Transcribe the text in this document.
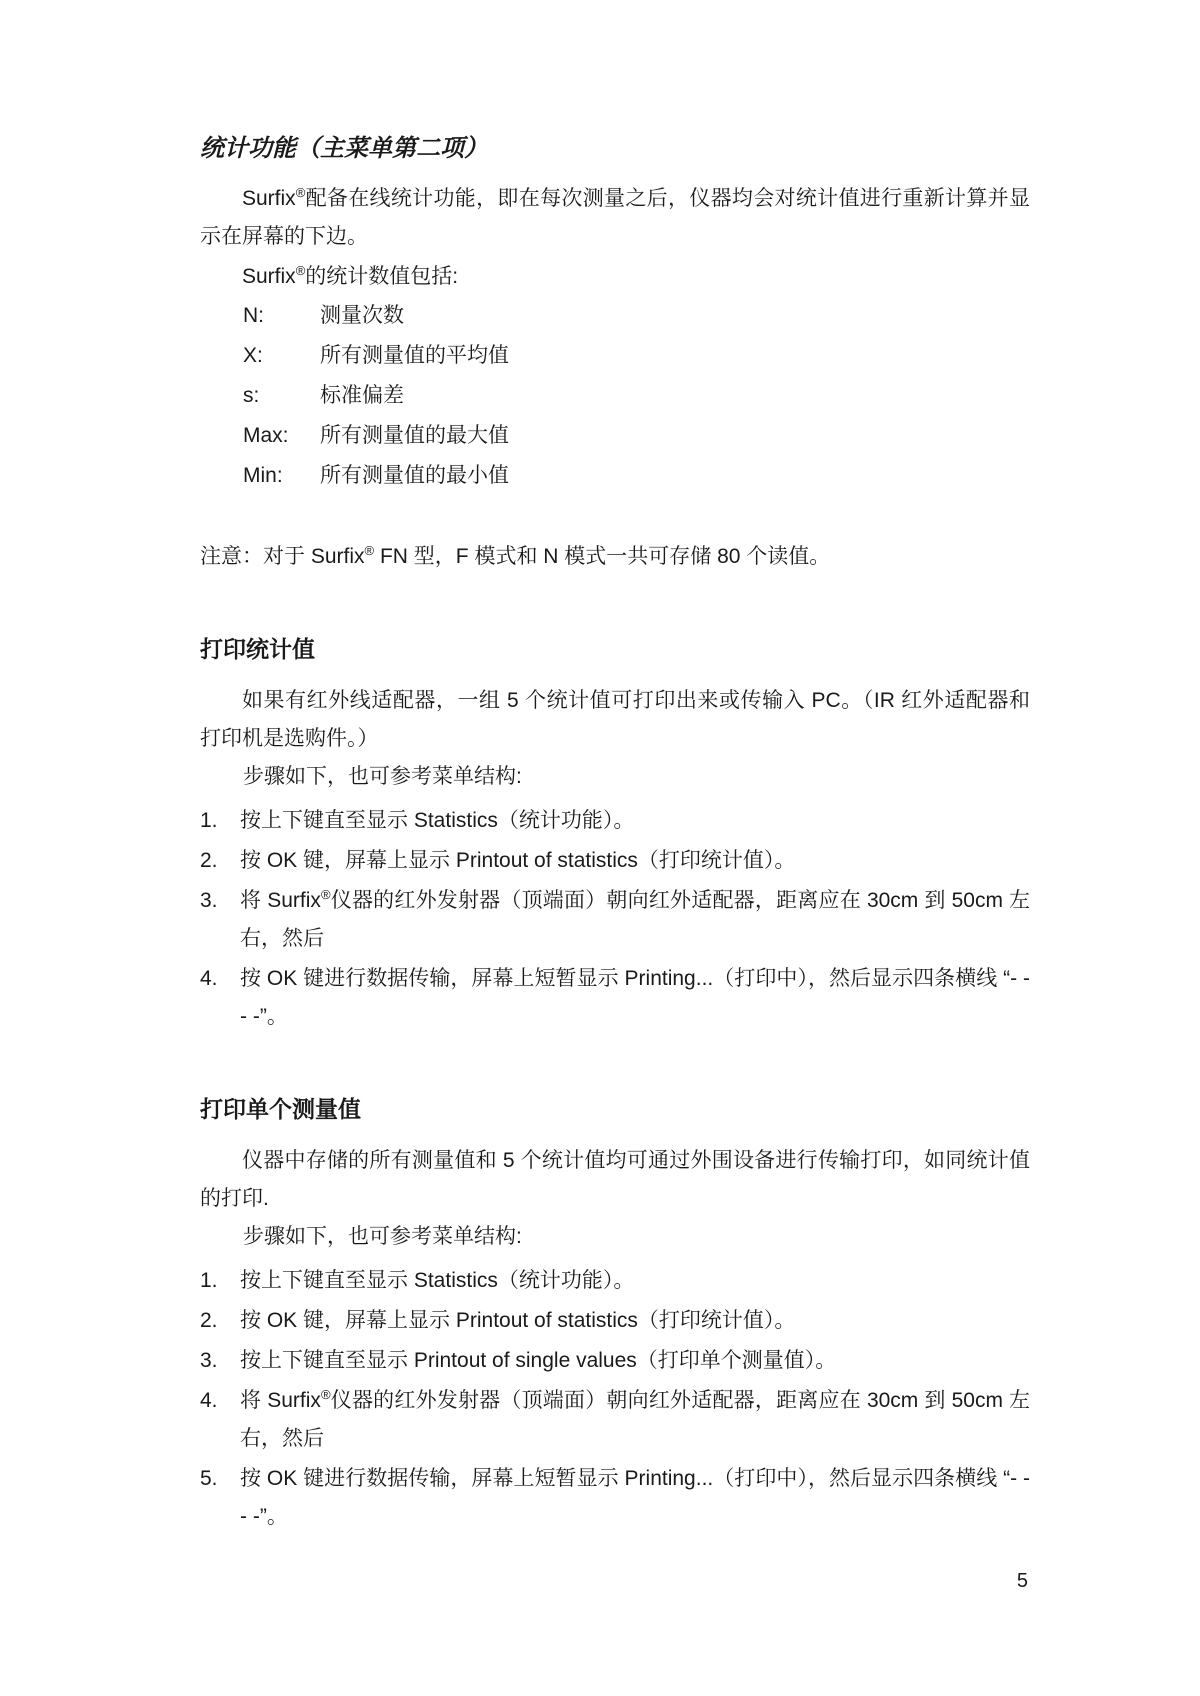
统计功能（主菜单第二项）

Surfix®配备在线统计功能，即在每次测量之后，仪器均会对统计值进行重新计算并显示在屏幕的下边。

Surfix®的统计数值包括:

N:	测量次数
X:	所有测量值的平均值
s:	标准偏差
Max:	所有测量值的最大值
Min:	所有测量值的最小值

注意：对于 Surfix® FN 型，F 模式和 N 模式一共可存储 80 个读值。

打印统计值

如果有红外线适配器，一组 5 个统计值可打印出来或传输入 PC。（IR 红外适配器和打印机是选购件。）

步骤如下，也可参考菜单结构:

1.	按上下键直至显示 Statistics（统计功能）。
2.	按 OK 键，屏幕上显示 Printout of statistics（打印统计值）。
3.	将 Surfix®仪器的红外发射器（顶端面）朝向红外适配器，距离应在 30cm 到 50cm 左右，然后
4.	按 OK 键进行数据传输，屏幕上短暂显示 Printing...（打印中），然后显示四条横线 “- - - -”。
打印单个测量值

仪器中存储的所有测量值和 5 个统计值均可通过外围设备进行传输打印，如同统计值的打印.

步骤如下，也可参考菜单结构:

1.	按上下键直至显示 Statistics（统计功能）。
2.	按 OK 键，屏幕上显示 Printout of statistics（打印统计值）。
3.	按上下键直至显示 Printout of single values（打印单个测量值）。
4.	将 Surfix®仪器的红外发射器（顶端面）朝向红外适配器，距离应在 30cm 到 50cm 左右，然后
5.	按 OK 键进行数据传输，屏幕上短暂显示 Printing...（打印中），然后显示四条横线 “- - - -”。
5
